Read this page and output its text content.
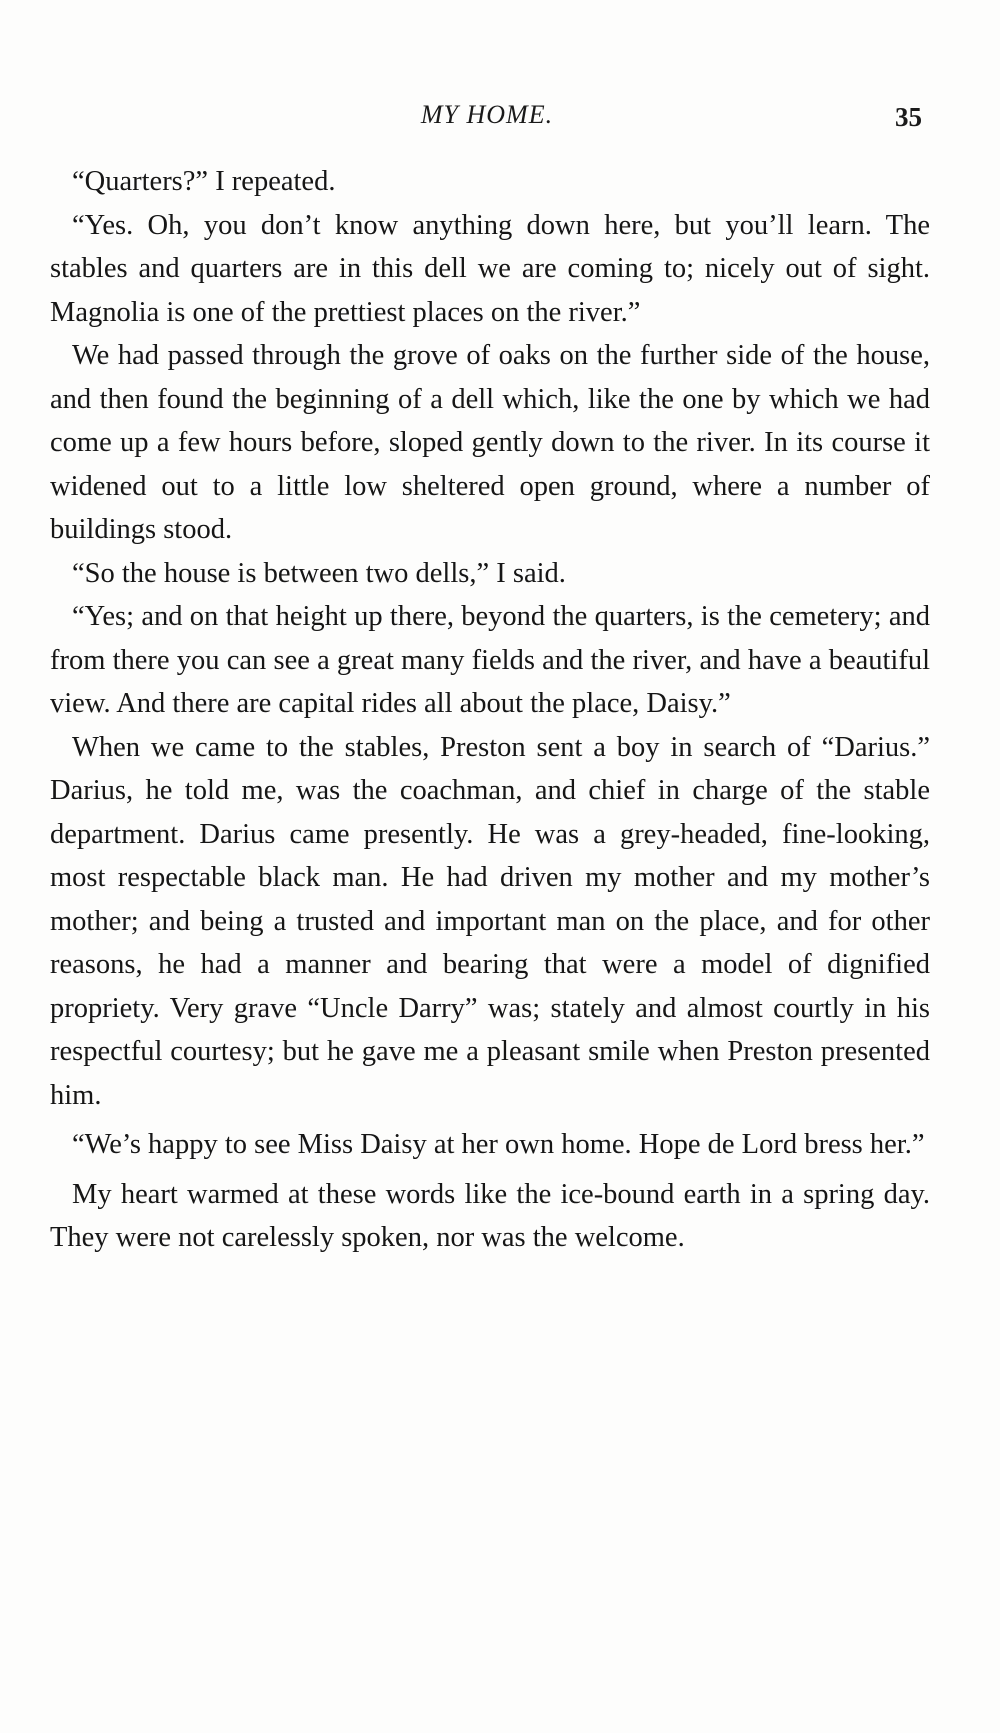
MY HOME.	35

“Quarters?” I repeated.

“Yes. Oh, you don’t know anything down here, but you’ll learn. The stables and quarters are in this dell we are coming to; nicely out of sight. Magnolia is one of the prettiest places on the river.”

We had passed through the grove of oaks on the further side of the house, and then found the beginning of a dell which, like the one by which we had come up a few hours before, sloped gently down to the river. In its course it widened out to a little low sheltered open ground, where a number of buildings stood.

“So the house is between two dells,” I said.

“Yes; and on that height up there, beyond the quarters, is the cemetery; and from there you can see a great many fields and the river, and have a beautiful view. And there are capital rides all about the place, Daisy.”

When we came to the stables, Preston sent a boy in search of “Darius.” Darius, he told me, was the coachman, and chief in charge of the stable department. Darius came presently. He was a grey-headed, fine-looking, most respectable black man. He had driven my mother and my mother’s mother; and being a trusted and important man on the place, and for other reasons, he had a manner and bearing that were a model of dignified propriety. Very grave “Uncle Darry” was; stately and almost courtly in his respectful courtesy; but he gave me a pleasant smile when Preston presented him.

“We’s happy to see Miss Daisy at her own home. Hope de Lord bress her.”

My heart warmed at these words like the ice-bound earth in a spring day. They were not carelessly spoken, nor was the welcome.
